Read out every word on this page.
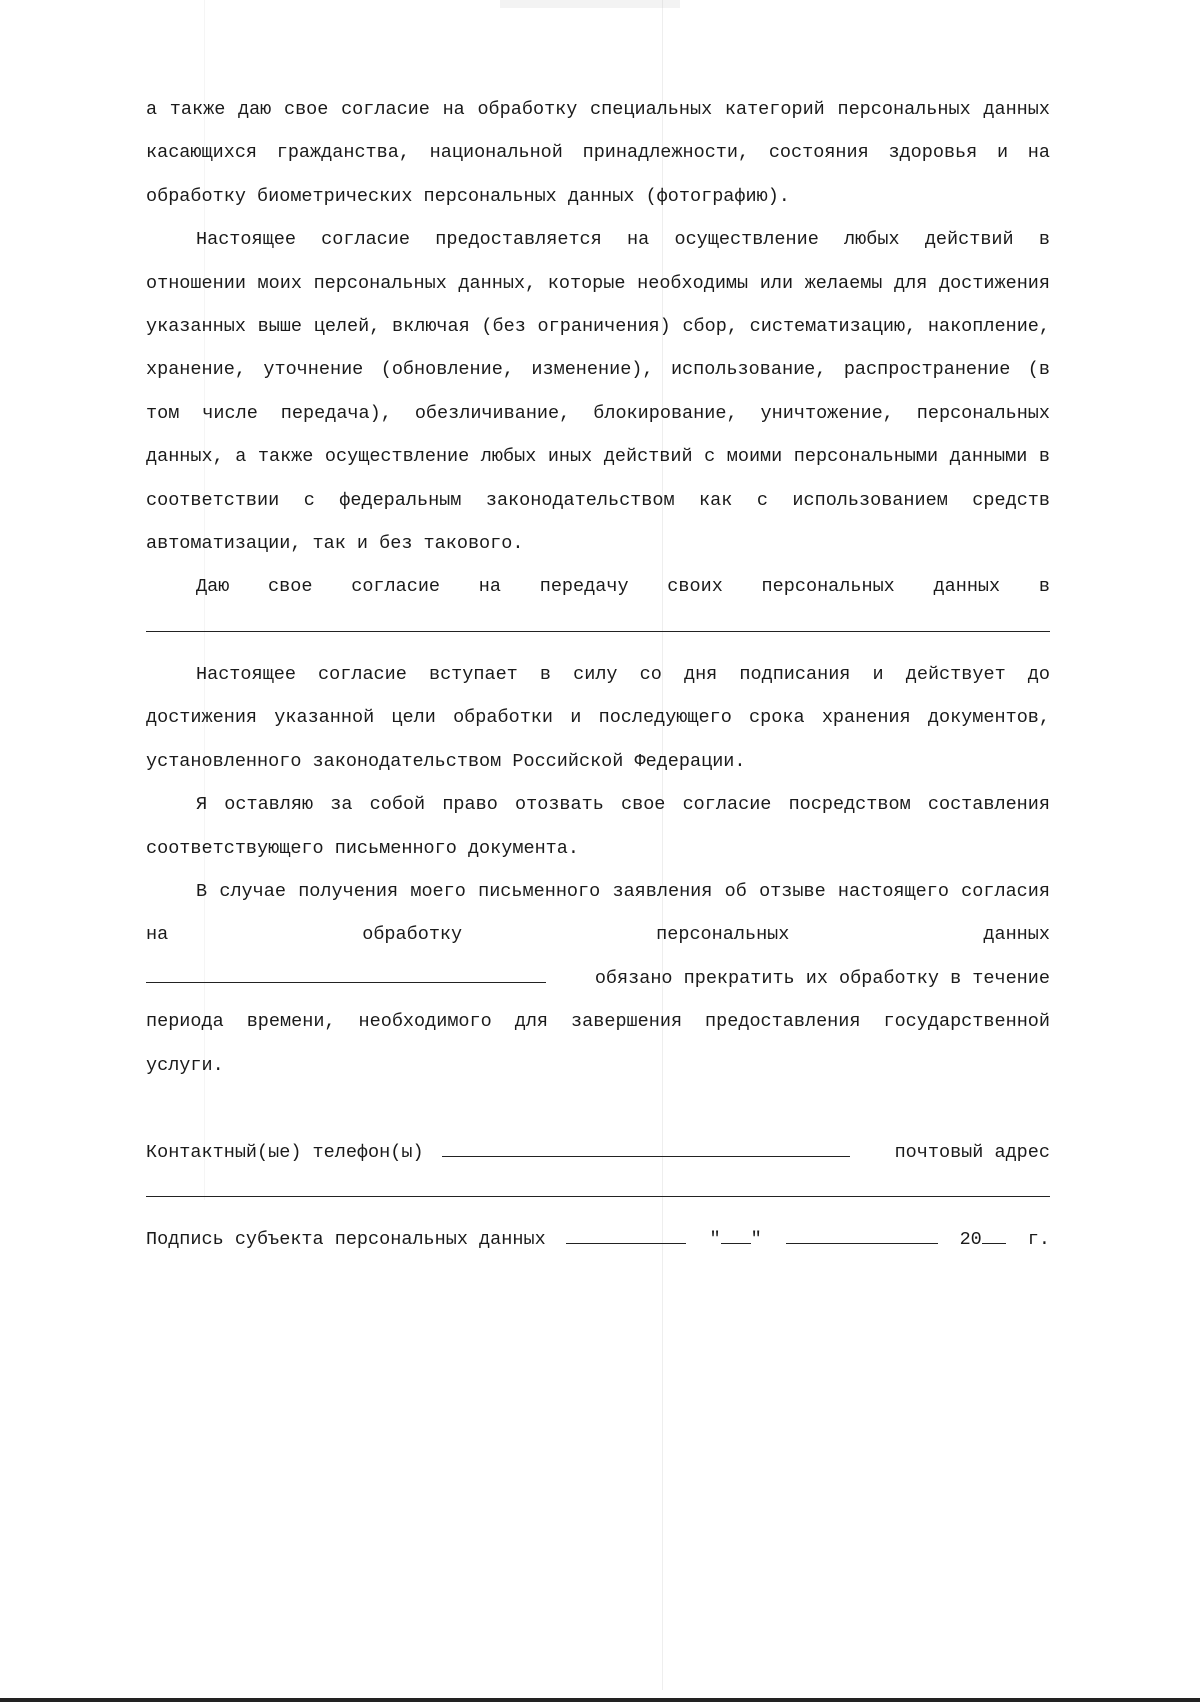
а также даю свое согласие на обработку специальных категорий персональных данных касающихся гражданства, национальной принадлежности, состояния здоровья и на обработку биометрических персональных данных (фотографию).

Настоящее согласие предоставляется на осуществление любых действий в отношении моих персональных данных, которые необходимы или желаемы для достижения указанных выше целей, включая (без ограничения) сбор, систематизацию, накопление, хранение, уточнение (обновление, изменение), использование, распространение (в том числе передача), обезличивание, блокирование, уничтожение, персональных данных, а также осуществление любых иных действий с моими персональными данными в соответствии с федеральным законодательством как с использованием средств автоматизации, так и без такового.

Даю свое согласие на передачу своих персональных данных в

Настоящее согласие вступает в силу со дня подписания и действует до достижения указанной цели обработки и последующего срока хранения документов, установленного законодательством Российской Федерации.

Я оставляю за собой право отозвать свое согласие посредством составления соответствующего письменного документа.

В случае получения моего письменного заявления об отзыве настоящего согласия на обработку персональных данных

обязано прекратить их обработку в течение

периода времени, необходимого для завершения предоставления государственной услуги.

Контактный(ые) телефон(ы)	почтовый адрес
Подпись субъекта персональных данных	" "	20	г.
